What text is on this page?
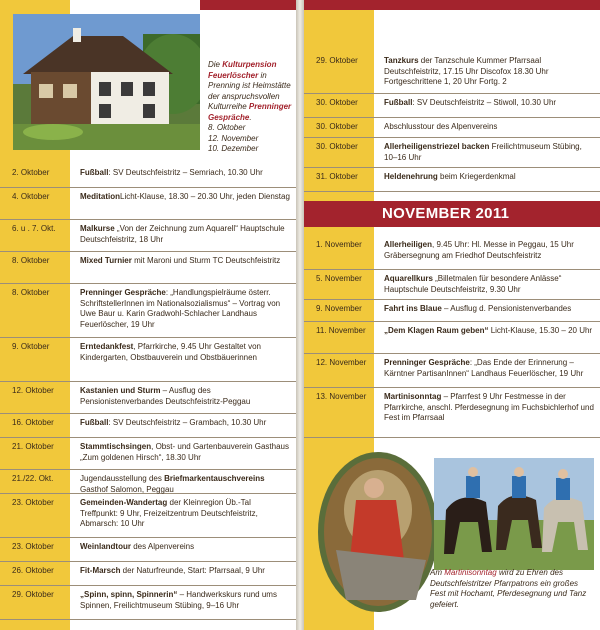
Die Kulturpension Feuerlöscher in Prenning ist Heimstätte der anspruchsvollen Kulturreihe Prenninger Gespräche.
8. Oktober
12. November
10. Dezember
2. Oktober	Fußball: SV Deutschfeistritz – Semriach, 10.30 Uhr
4. Oktober	MeditationLicht-Klause, 18.30 – 20.30 Uhr, jeden Dienstag
6. u . 7. Okt.	Malkurse „Von der Zeichnung zum Aquarell“ Hauptschule Deutschfeistritz, 18 Uhr
8. Oktober	Mixed Turnier mit Maroni und Sturm TC Deutschfeistritz
8. Oktober	Prenninger Gespräche: „Handlungspielräume österr. SchriftstellerInnen im Nationalsozialismus“ – Vortrag von Uwe Baur u. Karin Gradwohl-Schlacher Landhaus Feuerlöscher, 19 Uhr
9. Oktober	Erntedankfest, Pfarrkirche, 9.45 Uhr Gestaltet von Kindergarten, Obstbauverein und Obstbäuerinnen
12. Oktober	Kastanien und Sturm – Ausflug des Pensionistenverbandes Deutschfeistritz-Peggau
16. Oktober	Fußball: SV Deutschfeistritz – Grambach, 10.30 Uhr
21. Oktober	Stammtischsingen, Obst- und Gartenbauverein Gasthaus „Zum goldenen Hirsch“, 18.30 Uhr
21./22. Okt.	Jugendausstellung des Briefmarkentauschvereins Gasthof Salomon, Peggau
23. Oktober	Gemeinden-Wandertag der Kleinregion Üb.-Tal Treffpunkt: 9 Uhr, Freizeitzentrum Deutschfeistritz, Abmarsch: 10 Uhr
23. Oktober	Weinlandtour des Alpenvereins
26. Oktober	Fit-Marsch der Naturfreunde, Start: Pfarrsaal, 9 Uhr
29. Oktober	„Spinn, spinn, Spinnerin“ – Handwerkskurs rund ums Spinnen, Freilichtmuseum Stübing, 9–16 Uhr
29. Oktober	Tanzkurs der Tanzschule Kummer Pfarrsaal Deutschfeistritz, 17.15 Uhr Discofox 18.30 Uhr Fortgeschrittene 1, 20 Uhr Fortg. 2
30. Oktober	Fußball: SV Deutschfeistritz – Stiwoll, 10.30 Uhr
30. Oktober	Abschlusstour des Alpenvereins
30. Oktober	Allerheiligenstriezel backen Freilichtmuseum Stübing, 10–16 Uhr
31. Oktober	Heldenehrung beim Kriegerdenkmal
NOVEMBER 2011
1. November	Allerheiligen, 9.45 Uhr: Hl. Messe in Peggau, 15 Uhr Gräbersegnung am Friedhof Deutschfeistritz
5. November	Aquarellkurs „Billetmalen für besondere Anlässe“ Hauptschule Deutschfeistritz, 9.30 Uhr
9. November	Fahrt ins Blaue – Ausflug d. Pensionistenverbandes
11. November	„Dem Klagen Raum geben“ Licht-Klause, 15.30 – 20 Uhr
12. November	Prenninger Gespräche: „Das Ende der Erinnerung – Kärntner PartisanInnen“ Landhaus Feuerlöscher, 19 Uhr
13. November	Martinisonntag – Pfarrfest 9 Uhr Festmesse in der Pfarrkirche, anschl. Pferdesegnung im Fuchsbichlerhof und Fest im Pfarrsaal
Am Martinisonntag wird zu Ehren des Deutschfeistritzer Pfarrpatrons ein großes Fest mit Hochamt, Pferdesegnung und Tanz gefeiert.
